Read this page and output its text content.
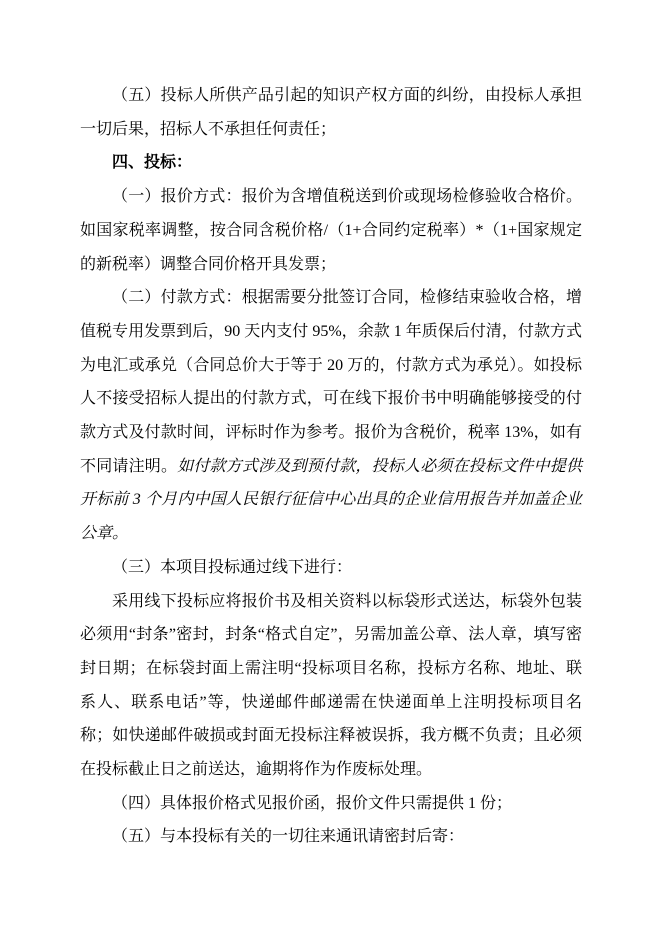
（五）投标人所供产品引起的知识产权方面的纠纷，由投标人承担一切后果，招标人不承担任何责任；

四、投标：

（一）报价方式：报价为含增值税送到价或现场检修验收合格价。如国家税率调整，按合同含税价格/（1+合同约定税率）*（1+国家规定的新税率）调整合同价格开具发票；

（二）付款方式：根据需要分批签订合同，检修结束验收合格，增值税专用发票到后，90 天内支付 95%，余款 1 年质保后付清，付款方式为电汇或承兑（合同总价大于等于 20 万的，付款方式为承兑）。如投标人不接受招标人提出的付款方式，可在线下报价书中明确能够接受的付款方式及付款时间，评标时作为参考。报价为含税价，税率 13%，如有不同请注明。如付款方式涉及到预付款，投标人必须在投标文件中提供开标前 3 个月内中国人民银行征信中心出具的企业信用报告并加盖企业公章。

（三）本项目投标通过线下进行：

采用线下投标应将报价书及相关资料以标袋形式送达，标袋外包装必须用“封条”密封，封条“格式自定”，另需加盖公章、法人章，填写密封日期；在标袋封面上需注明“投标项目名称，投标方名称、地址、联系人、联系电话”等，快递邮件邮递需在快递面单上注明投标项目名称；如快递邮件破损或封面无投标注释被误拆，我方概不负责；且必须在投标截止日之前送达，逾期将作为作废标处理。

（四）具体报价格式见报价函，报价文件只需提供 1 份；

（五）与本投标有关的一切往来通讯请密封后寄：
